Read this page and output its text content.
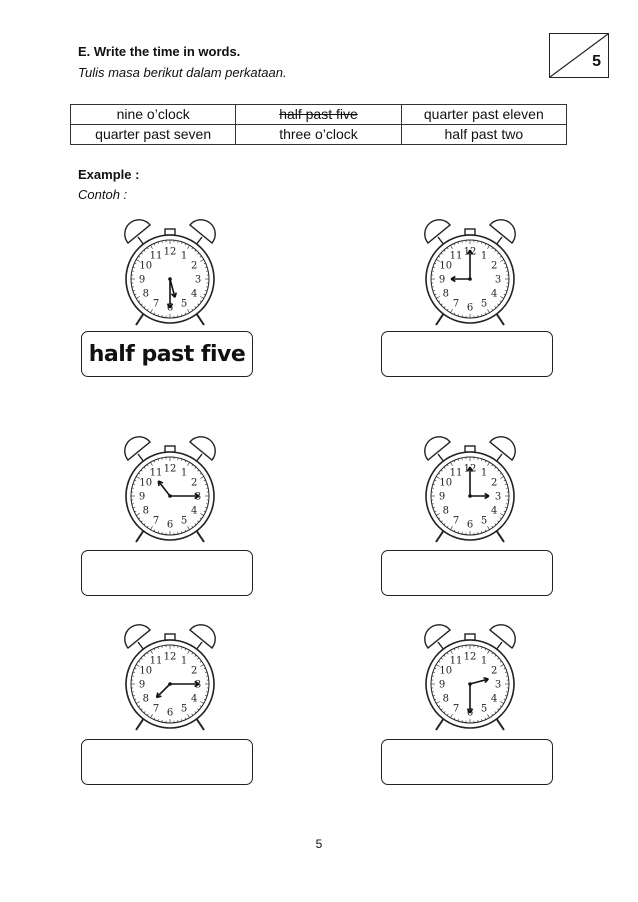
E. Write the time in words.
Tulis masa berikut dalam perkataan.
5
nine o’clock	half past five	quarter past eleven
quarter past seven	three o’clock	half past two
Example :
Contoh :
1
2
3
4
5
6
7
8
9
10
11 12	1
2
3
4
5
6
7
8
9
10
11 12
1
2
3
4
5
6
7
8
9
10
11 12	1
2
3
4
5
6
7
8
9
10
11 12
1
2
3
4
5
6
7
8
9
10
11 12	1
2
3
4
5
6
7
8
9
10
11 12
half past five
5
